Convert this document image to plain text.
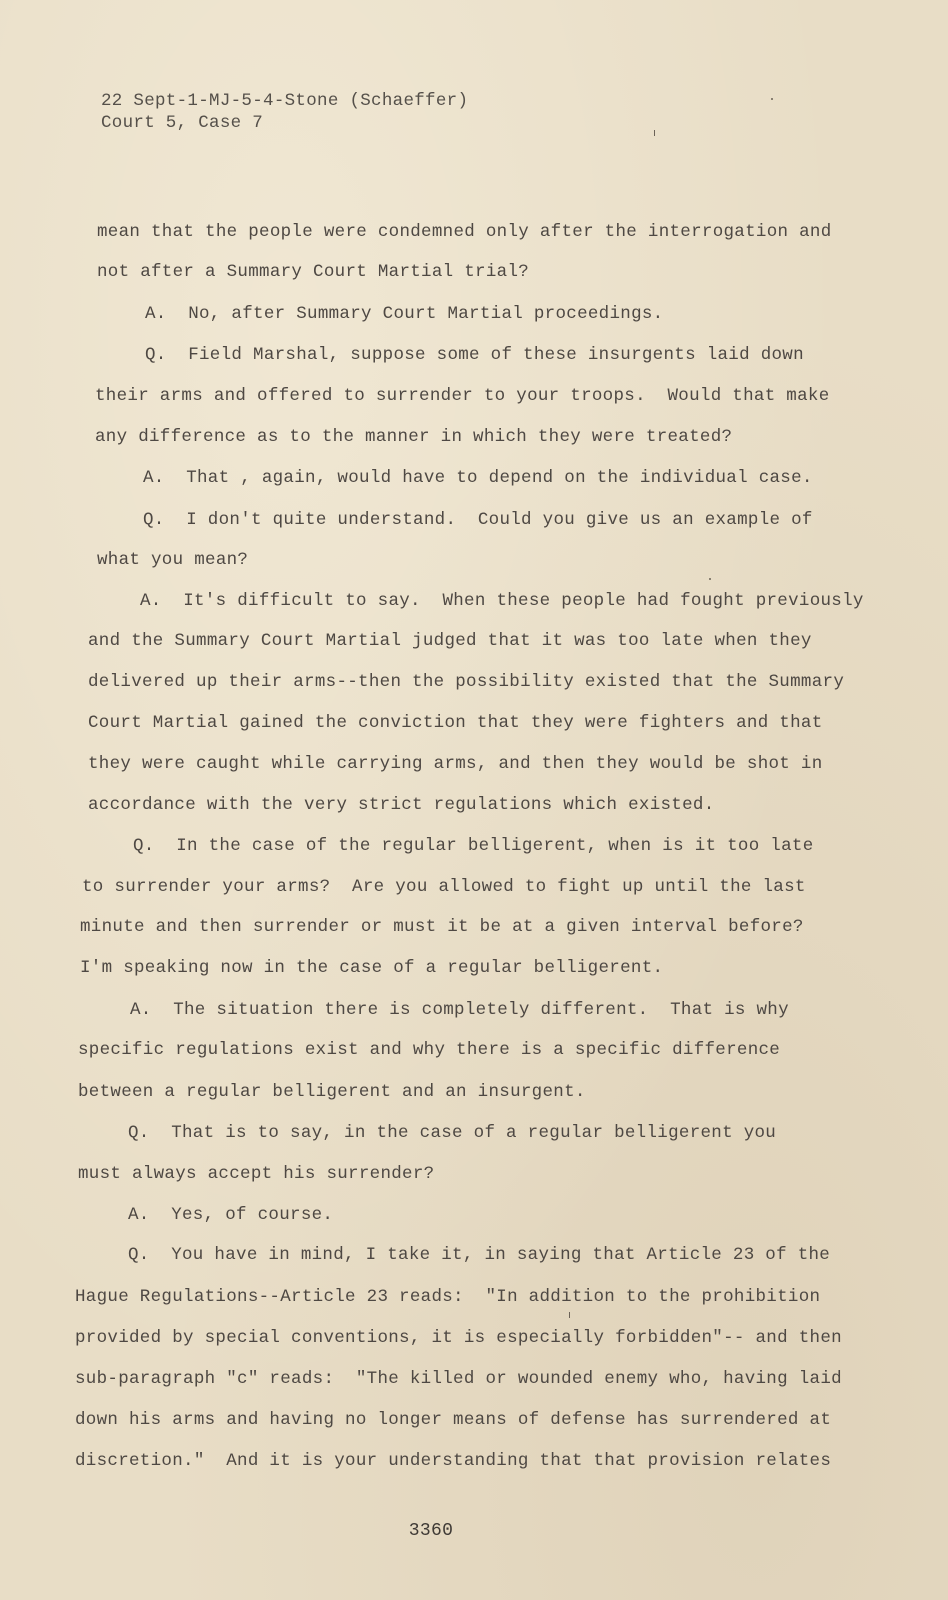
22 Sept-1-MJ-5-4-Stone (Schaeffer)
Court 5, Case 7
mean that the people were condemned only after the interrogation and
not after a Summary Court Martial trial?
A.  No, after Summary Court Martial proceedings.
Q.  Field Marshal, suppose some of these insurgents laid down
their arms and offered to surrender to your troops.  Would that make
any difference as to the manner in which they were treated?
A.  That , again, would have to depend on the individual case.
Q.  I don't quite understand.  Could you give us an example of
what you mean?
A.  It's difficult to say.  When these people had fought previously
and the Summary Court Martial judged that it was too late when they
delivered up their arms--then the possibility existed that the Summary
Court Martial gained the conviction that they were fighters and that
they were caught while carrying arms, and then they would be shot in
accordance with the very strict regulations which existed.
Q.  In the case of the regular belligerent, when is it too late
to surrender your arms?  Are you allowed to fight up until the last
minute and then surrender or must it be at a given interval before?
I'm speaking now in the case of a regular belligerent.
A.  The situation there is completely different.  That is why
specific regulations exist and why there is a specific difference
between a regular belligerent and an insurgent.
Q.  That is to say, in the case of a regular belligerent you
must always accept his surrender?
A.  Yes, of course.
Q.  You have in mind, I take it, in saying that Article 23 of the
Hague Regulations--Article 23 reads:  "In addition to the prohibition
provided by special conventions, it is especially forbidden"-- and then
sub-paragraph "c" reads:  "The killed or wounded enemy who, having laid
down his arms and having no longer means of defense has surrendered at
discretion."  And it is your understanding that that provision relates
3360
